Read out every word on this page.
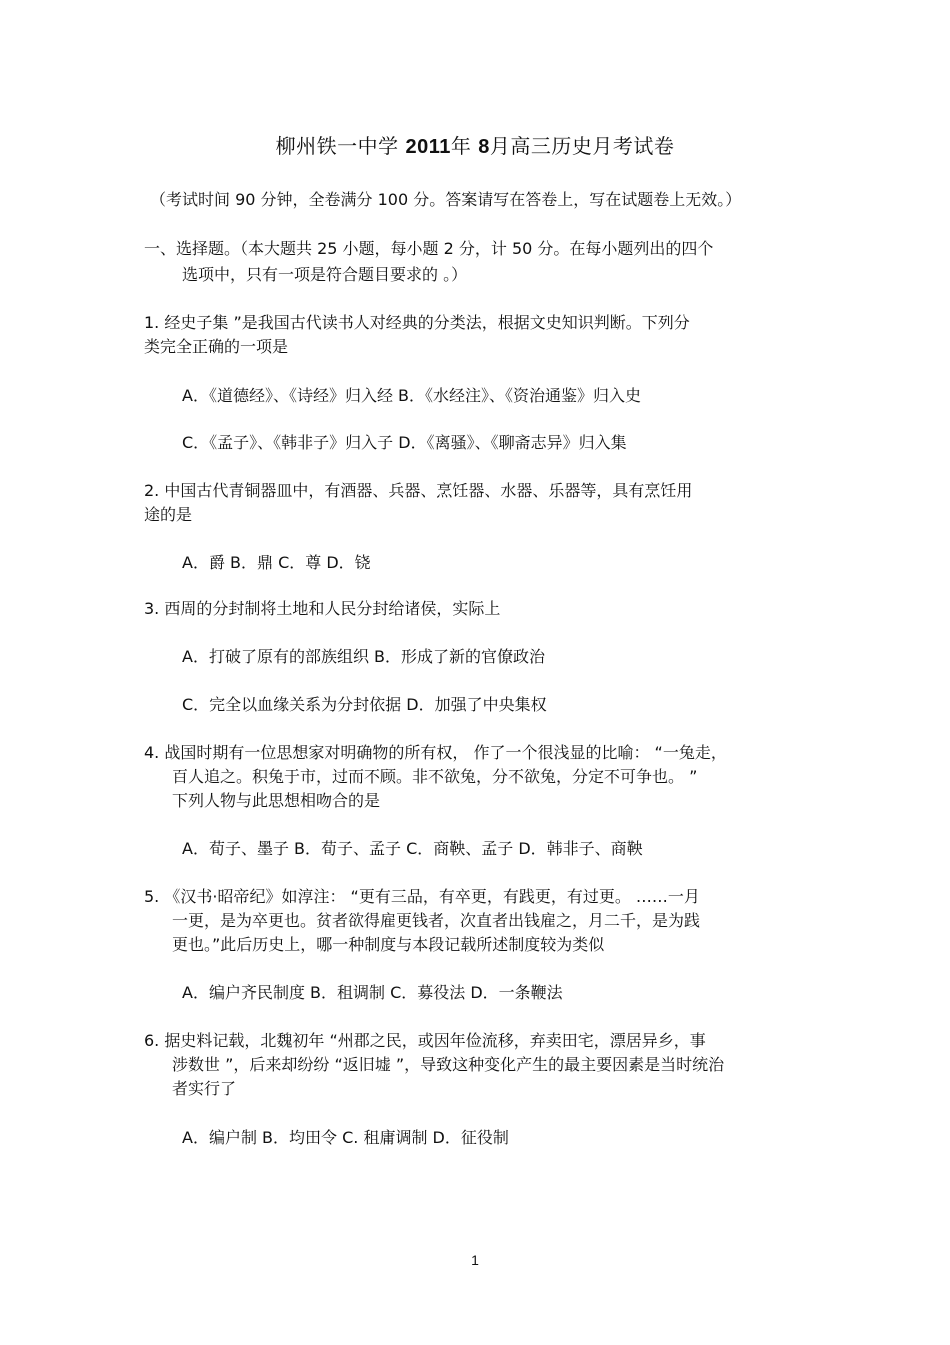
柳州铁一中学 2011年 8月高三历史月考试卷
（考试时间 90 分钟，全卷满分 100 分。答案请写在答卷上，写在试题卷上无效。）
一、选择题。（本大题共 25 小题，每小题 2 分，计 50 分。在每小题列出的四个
选项中，只有一项是符合题目要求的 。）
1. 经史子集 ”是我国古代读书人对经典的分类法，根据文史知识判断。下列分
类完全正确的一项是
A．《道德经》、《诗经》归入经 B．《水经注》、《资治通鉴》归入史
C．《孟子》、《韩非子》归入子 D．《离骚》、《聊斋志异》归入集
2. 中国古代青铜器皿中，有酒器、兵器、烹饪器、水器、乐器等，具有烹饪用
途的是
A．爵 B．鼎 C．尊 D．铙
3. 西周的分封制将土地和人民分封给诸侯，实际上
A．打破了原有的部族组织 B．形成了新的官僚政治
C．完全以血缘关系为分封依据 D．加强了中央集权
4. 战国时期有一位思想家对明确物的所有权， 作了一个很浅显的比喻： “一兔走，
百人追之。积兔于市，过而不顾。非不欲兔，分不欲兔，分定不可争也。 ”
下列人物与此思想相吻合的是
A．荀子、墨子 B．荀子、孟子 C．商鞅、孟子 D．韩非子、商鞅
5. 《汉书·昭帝纪》如淳注： “更有三品，有卒更，有践更，有过更。 ……一月
一更，是为卒更也。贫者欲得雇更钱者，次直者出钱雇之，月二千，是为践
更也。”此后历史上，哪一种制度与本段记载所述制度较为类似
A．编户齐民制度 B．租调制 C．募役法 D．一条鞭法
6. 据史料记载，北魏初年 “州郡之民，或因年俭流移，弃卖田宅，漂居异乡，事
涉数世 ”，后来却纷纷 “返旧墟 ”，导致这种变化产生的最主要因素是当时统治
者实行了
A．编户制 B．均田令 C. 租庸调制 D．征役制
1
